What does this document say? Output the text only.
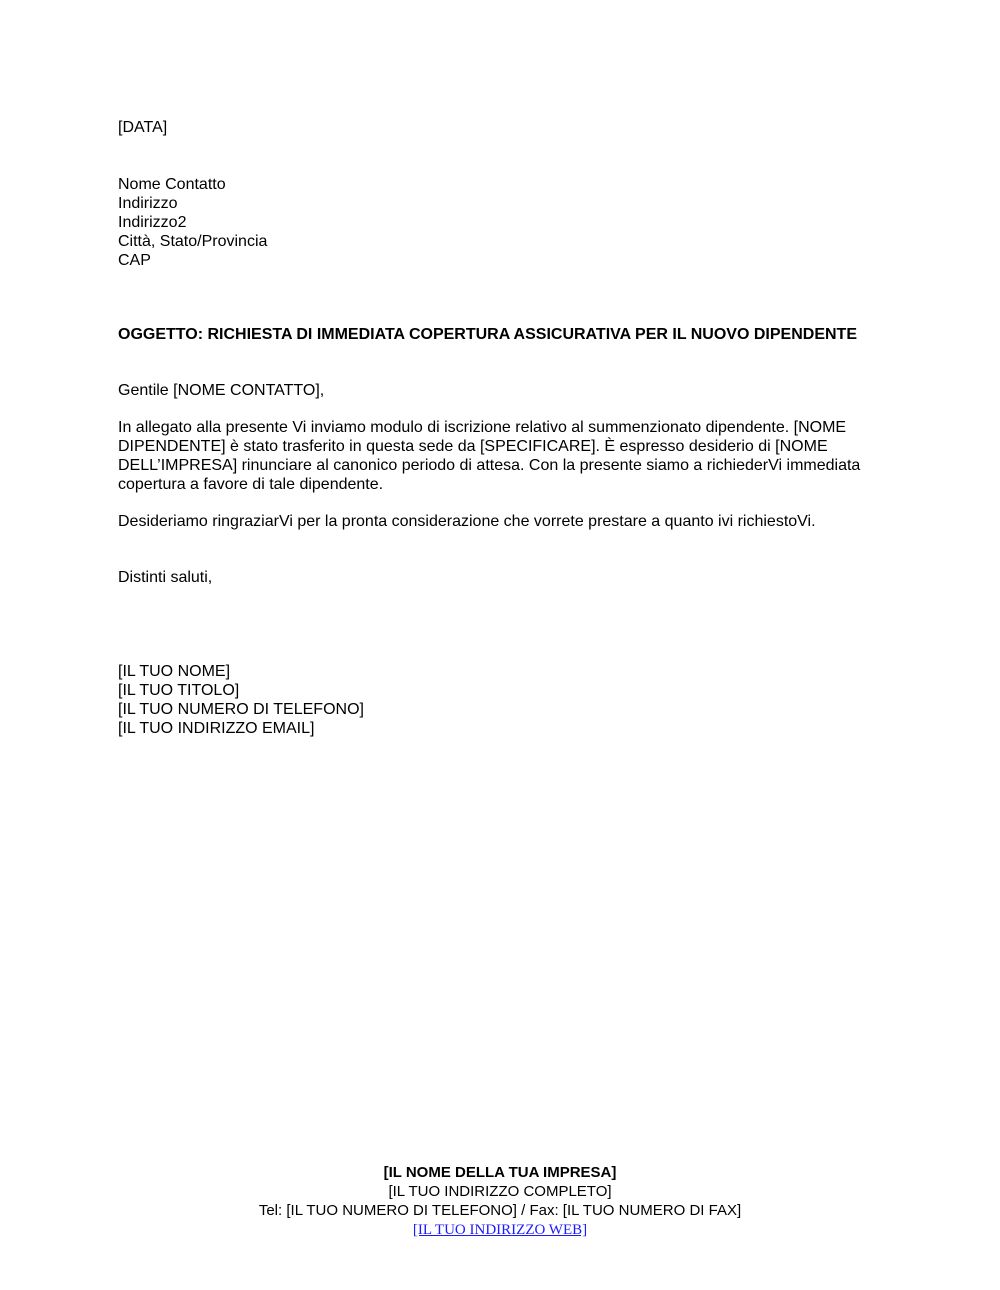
[DATA]
Nome Contatto
Indirizzo
Indirizzo2
Città, Stato/Provincia
CAP
OGGETTO: RICHIESTA DI IMMEDIATA COPERTURA ASSICURATIVA PER IL NUOVO DIPENDENTE
Gentile [NOME CONTATTO],
In allegato alla presente Vi inviamo modulo di iscrizione relativo al summenzionato dipendente. [NOME
DIPENDENTE] è stato trasferito in questa sede da [SPECIFICARE]. È espresso desiderio di [NOME
DELL’IMPRESA] rinunciare al canonico periodo di attesa. Con la presente siamo a richiederVi immediata
copertura a favore di tale dipendente.
Desideriamo ringraziarVi per la pronta considerazione che vorrete prestare a quanto ivi richiestoVi.
Distinti saluti,
[IL TUO NOME]
[IL TUO TITOLO]
[IL TUO NUMERO DI TELEFONO]
[IL TUO INDIRIZZO EMAIL]
[IL NOME DELLA TUA IMPRESA]
[IL TUO INDIRIZZO COMPLETO]
Tel: [IL TUO NUMERO DI TELEFONO] / Fax: [IL TUO NUMERO DI FAX]
[IL TUO INDIRIZZO WEB]
